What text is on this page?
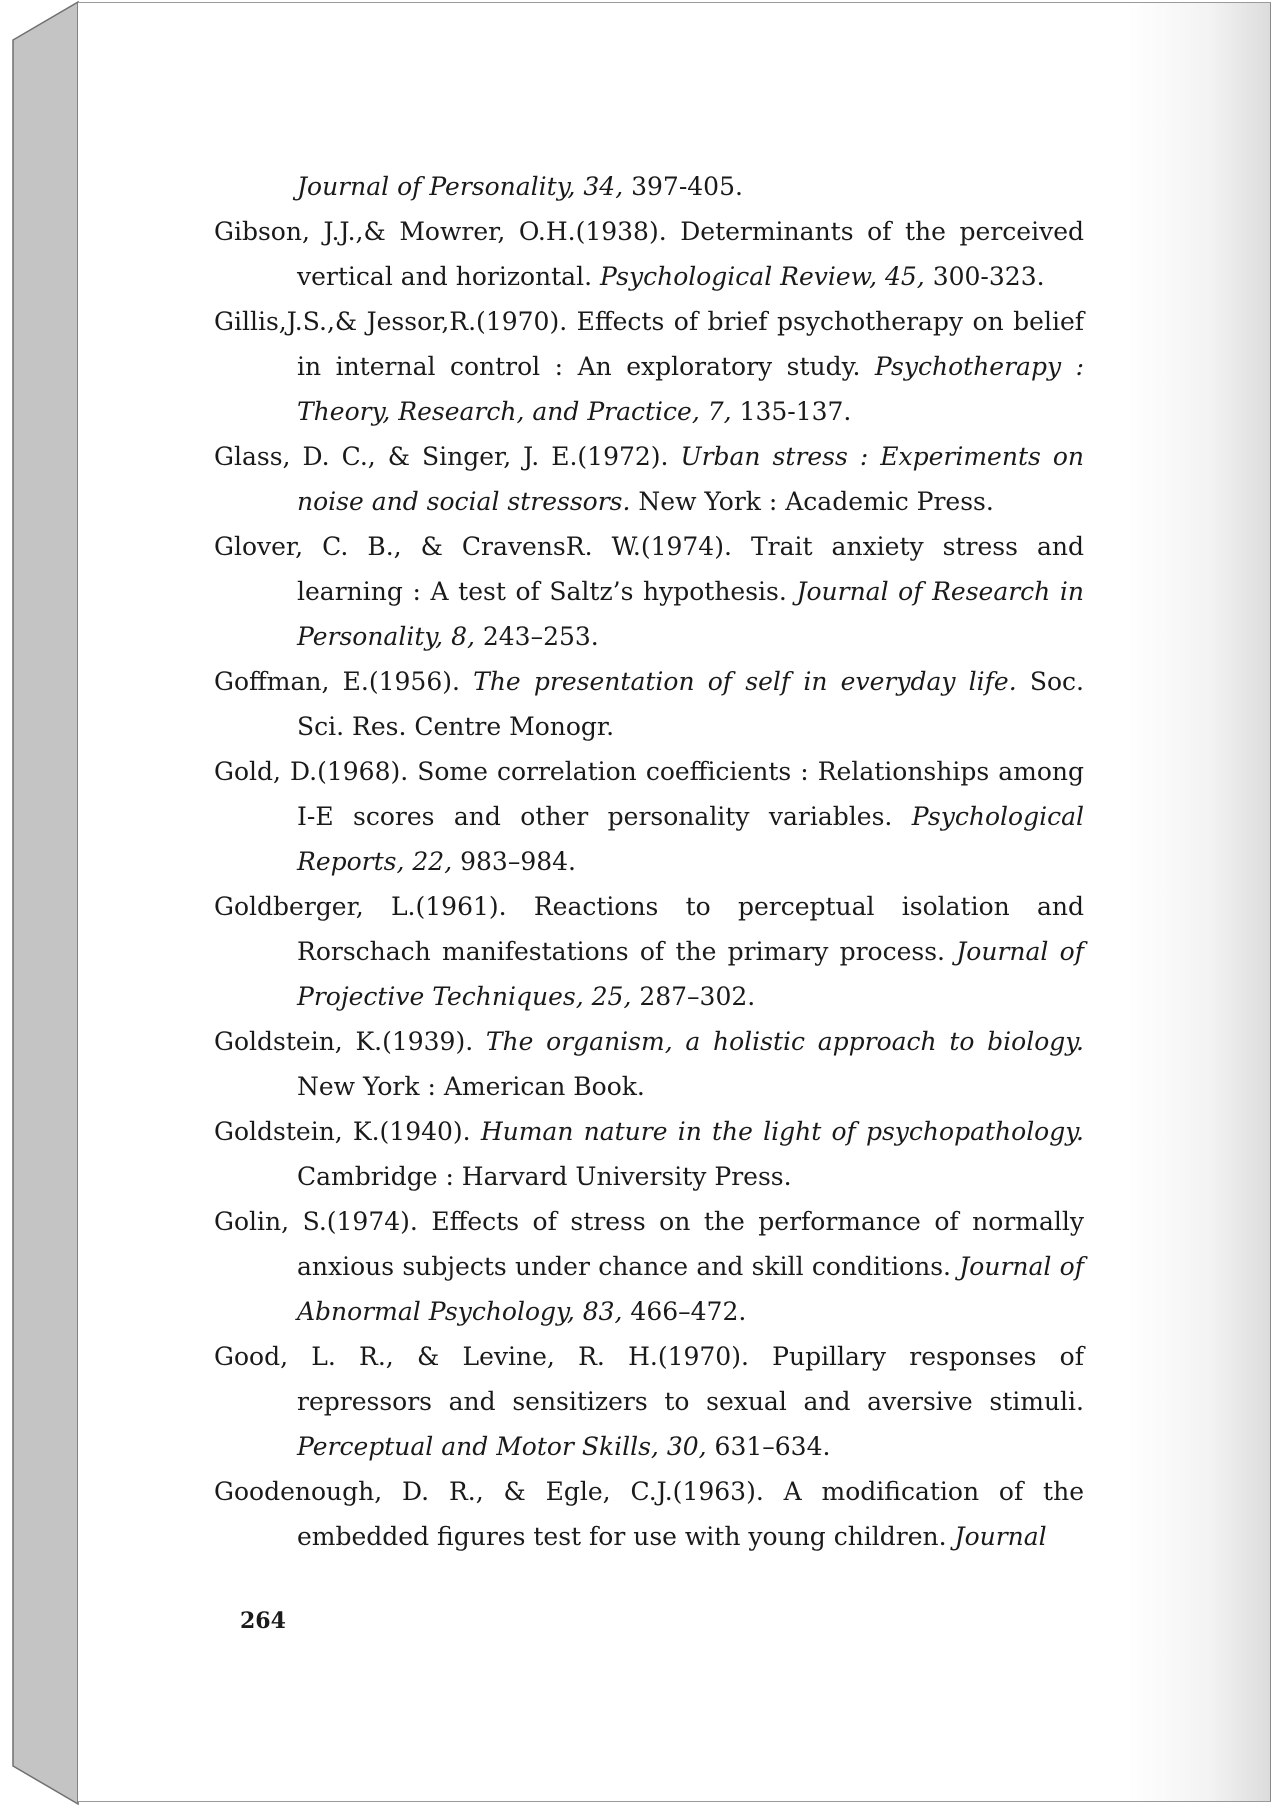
Journal of Personality, 34, 397-405.
Gibson, J.J.,& Mowrer, O.H.(1938). Determinants of the perceived vertical and horizontal. Psychological Review, 45, 300-323.
Gillis,J.S.,& Jessor,R.(1970). Effects of brief psychotherapy on belief in internal control : An exploratory study. Psychotherapy : Theory, Research, and Practice, 7, 135-137.
Glass, D. C., & Singer, J. E.(1972). Urban stress : Experiments on noise and social stressors. New York : Academic Press.
Glover, C. B., & CravensR. W.(1974). Trait anxiety stress and learning : A test of Saltz’s hypothesis. Journal of Research in Personality, 8, 243–253.
Goffman, E.(1956). The presentation of self in everyday life. Soc. Sci. Res. Centre Monogr.
Gold, D.(1968). Some correlation coefficients : Relationships among I-E scores and other personality variables. Psychological Reports, 22, 983–984.
Goldberger, L.(1961). Reactions to perceptual isolation and Rorschach manifestations of the primary process. Journal of Projective Techniques, 25, 287–302.
Goldstein, K.(1939). The organism, a holistic approach to biology. New York : American Book.
Goldstein, K.(1940). Human nature in the light of psychopathology. Cambridge : Harvard University Press.
Golin, S.(1974). Effects of stress on the performance of normally anxious subjects under chance and skill conditions. Journal of Abnormal Psychology, 83, 466–472.
Good, L. R., & Levine, R. H.(1970). Pupillary responses of repressors and sensitizers to sexual and aversive stimuli. Perceptual and Motor Skills, 30, 631–634.
Goodenough, D. R., & Egle, C.J.(1963). A modification of the embedded figures test for use with young children. Journal
264
